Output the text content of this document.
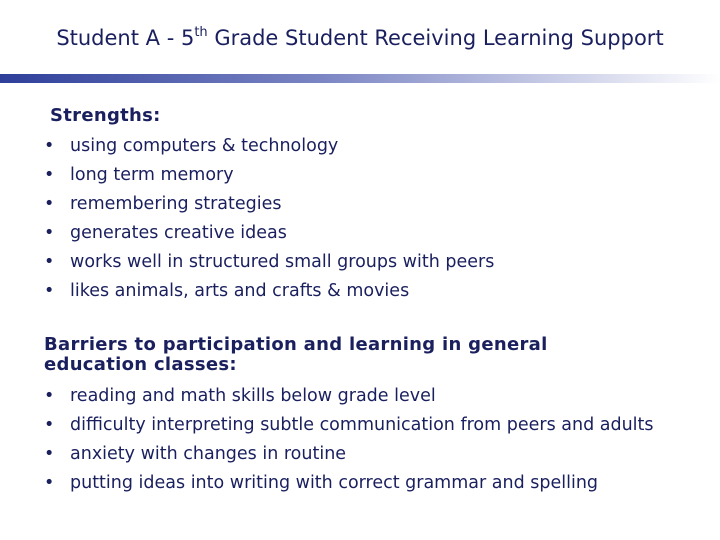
Student A - 5th Grade Student Receiving Learning Support
Strengths:
• using computers & technology
• long term memory
• remembering strategies
• generates creative ideas
• works well in structured small groups with peers
• likes animals, arts and crafts & movies
Barriers to participation and learning in general education classes:
• reading and math skills below grade level
• difficulty interpreting subtle communication from peers and adults
• anxiety with changes in routine
• putting ideas into writing with correct grammar and spelling
